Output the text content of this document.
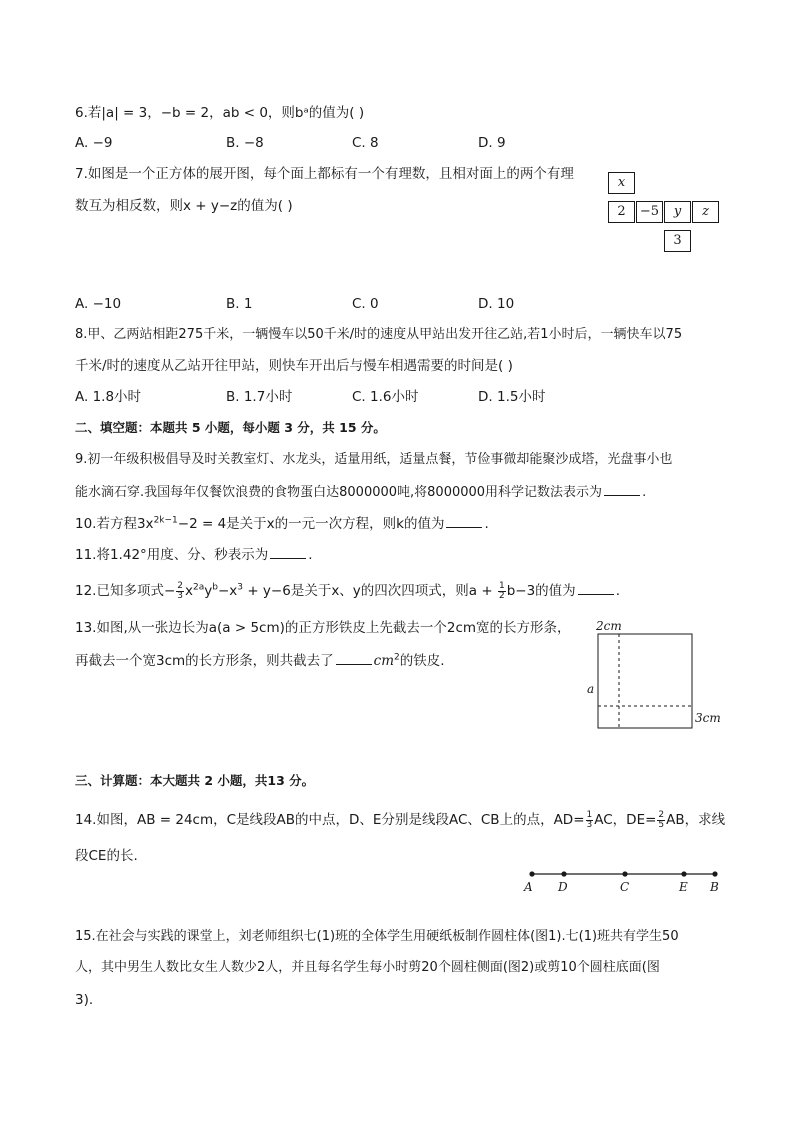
6.若|a| = 3，−b = 2，ab < 0，则bᵃ的值为( )
A. −9	B. −8	C. 8	D. 9
7.如图是一个正方体的展开图，每个面上都标有一个有理数，且相对面上的两个有理
数互为相反数，则x + y−z的值为( )
x
2	−5	y	z
3
A. −10	B. 1	C. 0	D. 10
8.甲、乙两站相距275千米，一辆慢车以50千米/时的速度从甲站出发开往乙站,若1小时后，一辆快车以75
千米/时的速度从乙站开往甲站，则快车开出后与慢车相遇需要的时间是( )
A. 1.8小时	B. 1.7小时	C. 1.6小时	D. 1.5小时
二、填空题：本题共 5 小题，每小题 3 分，共 15 分。
9.初一年级积极倡导及时关教室灯、水龙头，适量用纸，适量点餐，节俭事微却能聚沙成塔，光盘事小也
能水滴石穿.我国每年仅餐饮浪费的食物蛋白达8000000吨,将8000000用科学记数法表示为	.
10.若方程$3x^{2k-1}-2 = 4$是关于x的一元一次方程，则k的值为	.
11.将1.42°用度、分、秒表示为	.
12.已知多项式− $\frac{2}{3} x^{2a}y^b-x^3 + y-6$是关于x、y的四次四项式，则$a + \frac{1}{2} b-3$的值为	.
13.如图,从一张边长为a(a > 5cm)的正方形铁皮上先截去一个2cm宽的长方形条，
再截去一个宽3cm的长方形条，则共截去了	$cm^2$的铁皮.
2cm
a
3cm
三、计算题：本大题共 2 小题，共13 分。
14.如图，AB = 24cm，C是线段AB的中点，D、E分别是线段AC、CB上的点，$AD= \frac{1}{3}$ AC，$DE= \frac{2}{5}$ AB，求线
段CE的长.
A D	C	E B
15.在社会与实践的课堂上，刘老师组织七(1)班的全体学生用硬纸板制作圆柱体(图1).七(1)班共有学生50
人，其中男生人数比女生人数少2人，并且每名学生每小时剪20个圆柱侧面(图2)或剪10个圆柱底面(图
3).
